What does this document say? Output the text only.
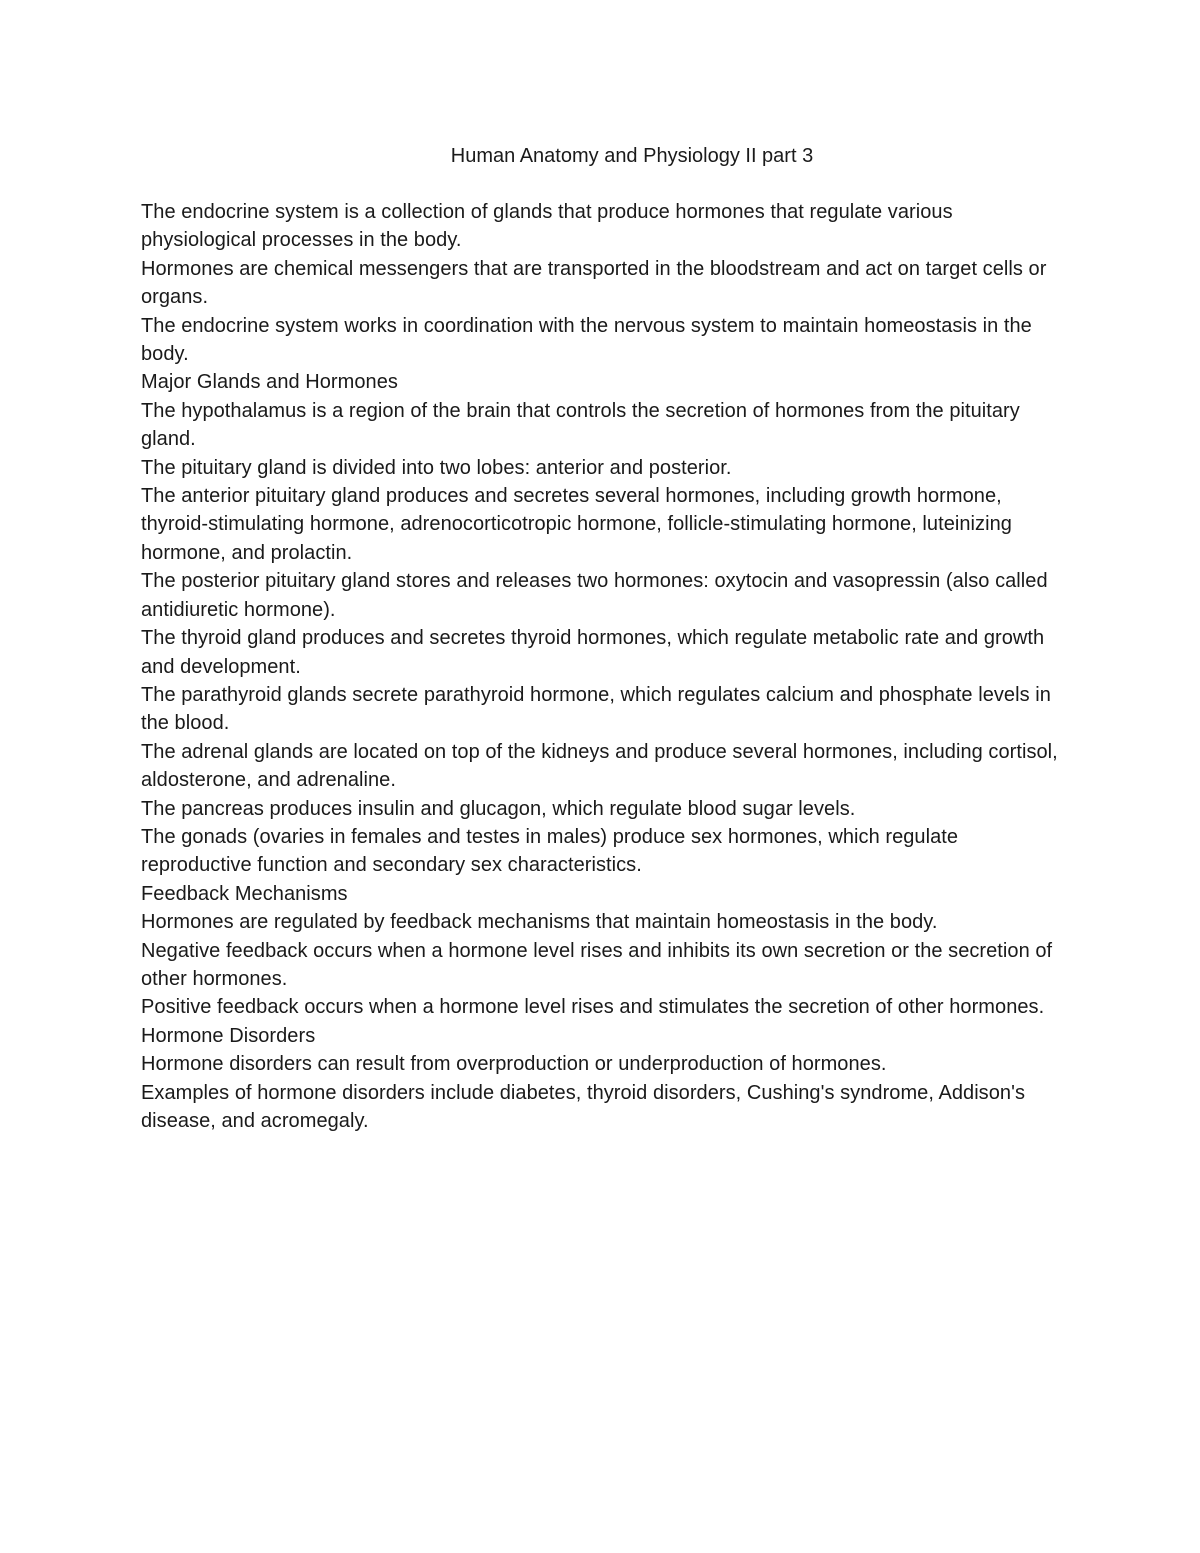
Human Anatomy and Physiology II part 3

The endocrine system is a collection of glands that produce hormones that regulate various physiological processes in the body.

Hormones are chemical messengers that are transported in the bloodstream and act on target cells or organs.

The endocrine system works in coordination with the nervous system to maintain homeostasis in the body.

Major Glands and Hormones

The hypothalamus is a region of the brain that controls the secretion of hormones from the pituitary gland.

The pituitary gland is divided into two lobes: anterior and posterior.

The anterior pituitary gland produces and secretes several hormones, including growth hormone, thyroid-stimulating hormone, adrenocorticotropic hormone, follicle-stimulating hormone, luteinizing hormone, and prolactin.

The posterior pituitary gland stores and releases two hormones: oxytocin and vasopressin (also called antidiuretic hormone).

The thyroid gland produces and secretes thyroid hormones, which regulate metabolic rate and growth and development.

The parathyroid glands secrete parathyroid hormone, which regulates calcium and phosphate levels in the blood.

The adrenal glands are located on top of the kidneys and produce several hormones, including cortisol, aldosterone, and adrenaline.

The pancreas produces insulin and glucagon, which regulate blood sugar levels.

The gonads (ovaries in females and testes in males) produce sex hormones, which regulate reproductive function and secondary sex characteristics.

Feedback Mechanisms

Hormones are regulated by feedback mechanisms that maintain homeostasis in the body.

Negative feedback occurs when a hormone level rises and inhibits its own secretion or the secretion of other hormones.

Positive feedback occurs when a hormone level rises and stimulates the secretion of other hormones.

Hormone Disorders

Hormone disorders can result from overproduction or underproduction of hormones.

Examples of hormone disorders include diabetes, thyroid disorders, Cushing's syndrome, Addison's disease, and acromegaly.
